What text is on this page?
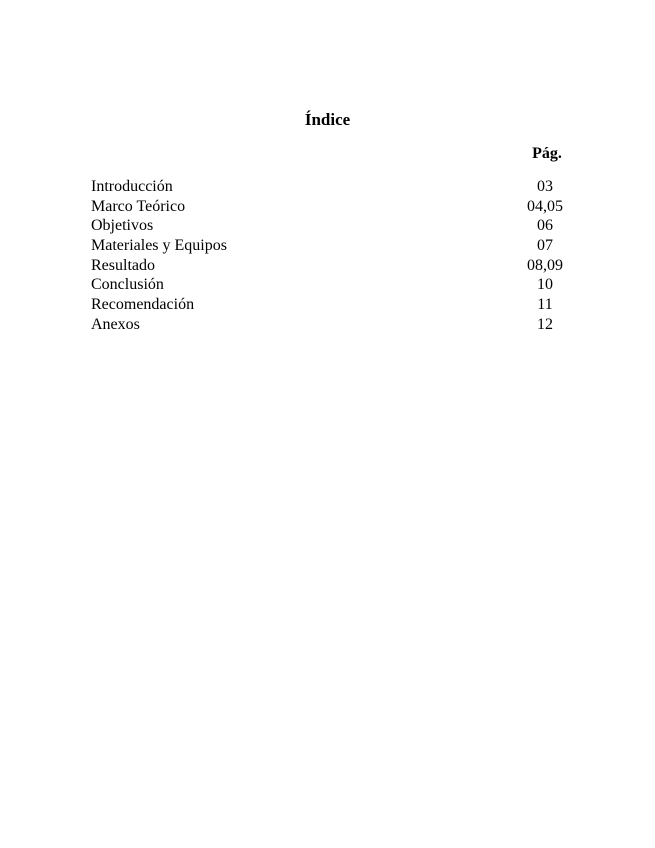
Índice
Pág.
Introducción	03
Marco Teórico	04,05
Objetivos	06
Materiales y Equipos	07
Resultado	08,09
Conclusión	10
Recomendación	11
Anexos	12
